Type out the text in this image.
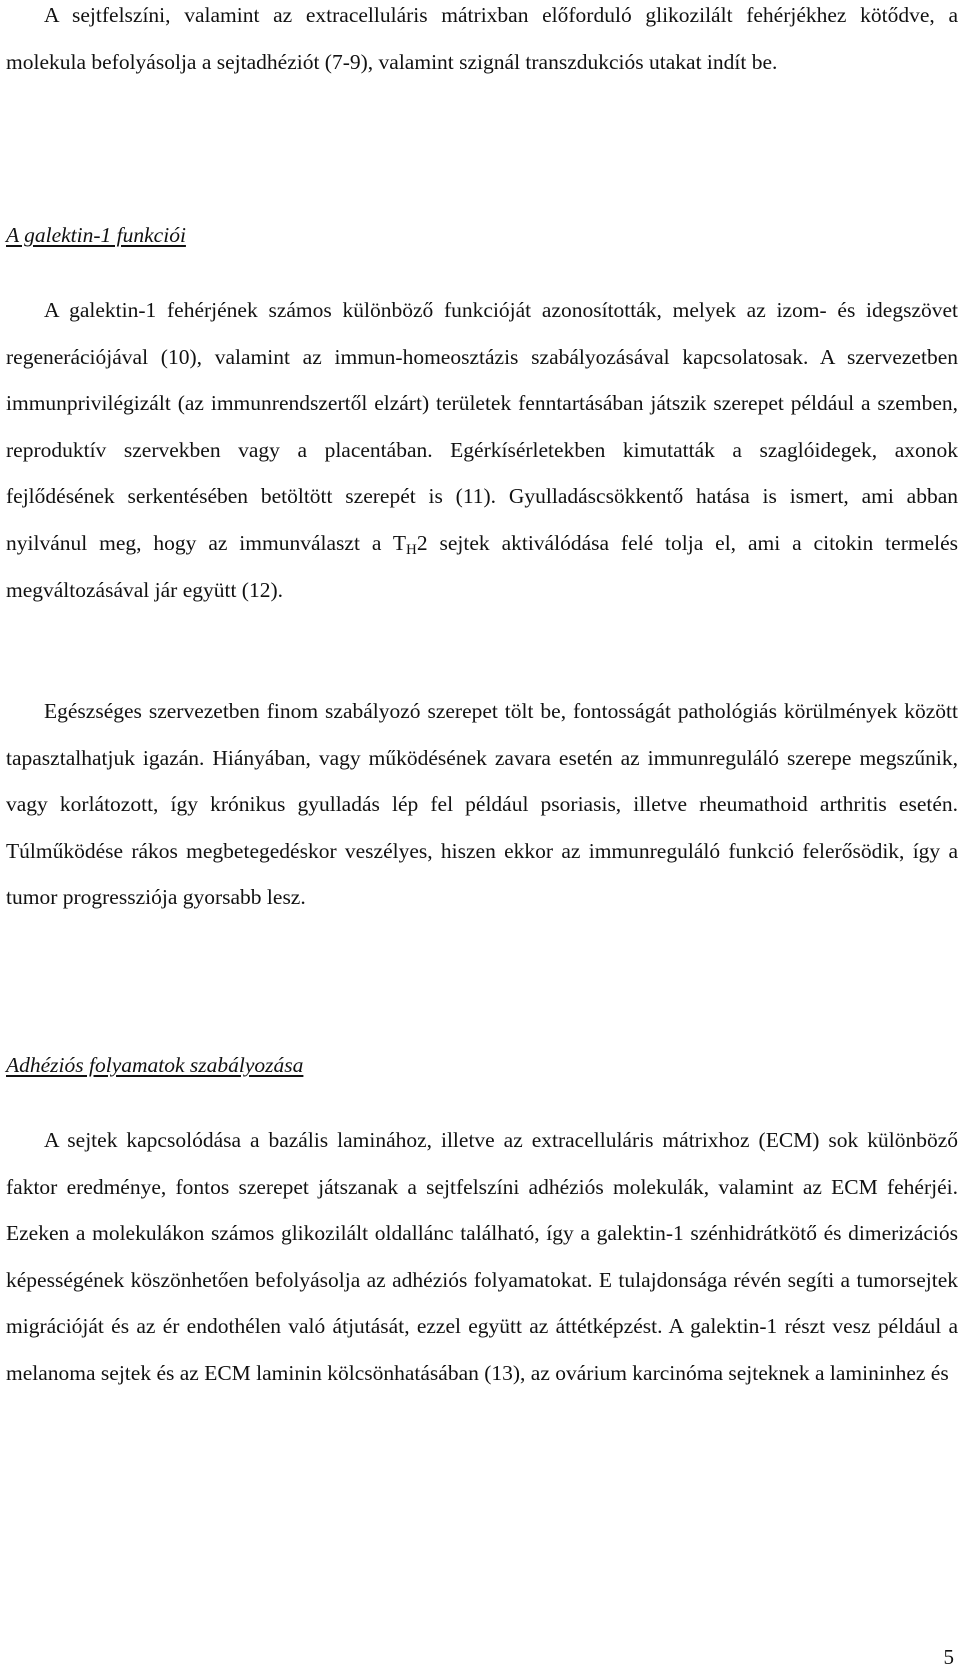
A sejtfelszíni, valamint az extracelluláris mátrixban előforduló glikozilált fehérjékhez kötődve, a molekula befolyásolja a sejtadhéziót (7-9), valamint szignál transzdukciós utakat indít be.

A galektin-1 funkciói

A galektin-1 fehérjének számos különböző funkcióját azonosították, melyek az izom- és idegszövet regenerációjával (10), valamint az immun-homeosztázis szabályozásával kapcsolatosak. A szervezetben immunprivilégizált (az immunrendszertől elzárt) területek fenntartásában játszik szerepet például a szemben, reproduktív szervekben vagy a placentában. Egérkísérletekben kimutatták a szaglóidegek, axonok fejlődésének serkentésében betöltött szerepét is (11). Gyulladáscsökkentő hatása is ismert, ami abban nyilvánul meg, hogy az immunválaszt a $T_H2$ sejtek aktiválódása felé tolja el, ami a citokin termelés megváltozásával jár együtt (12).

Egészséges szervezetben finom szabályozó szerepet tölt be, fontosságát pathológiás körülmények között tapasztalhatjuk igazán. Hiányában, vagy működésének zavara esetén az immunreguláló szerepe megszűnik, vagy korlátozott, így krónikus gyulladás lép fel például psoriasis, illetve rheumathoid arthritis esetén. Túlműködése rákos megbetegedéskor veszélyes, hiszen ekkor az immunreguláló funkció felerősödik, így a tumor progressziója gyorsabb lesz.

Adhéziós folyamatok szabályozása

A sejtek kapcsolódása a bazális laminához, illetve az extracelluláris mátrixhoz (ECM) sok különböző faktor eredménye, fontos szerepet játszanak a sejtfelszíni adhéziós molekulák, valamint az ECM fehérjéi. Ezeken a molekulákon számos glikozilált oldallánc található, így a galektin-1 szénhidrátkötő és dimerizációs képességének köszönhetően befolyásolja az adhéziós folyamatokat. E tulajdonsága révén segíti a tumorsejtek migrációját és az ér endothélen való átjutását, ezzel együtt az áttétképzést. A galektin-1 részt vesz például a melanoma sejtek és az ECM laminin kölcsönhatásában (13), az ovárium karcinóma sejteknek a lamininhez és

5
